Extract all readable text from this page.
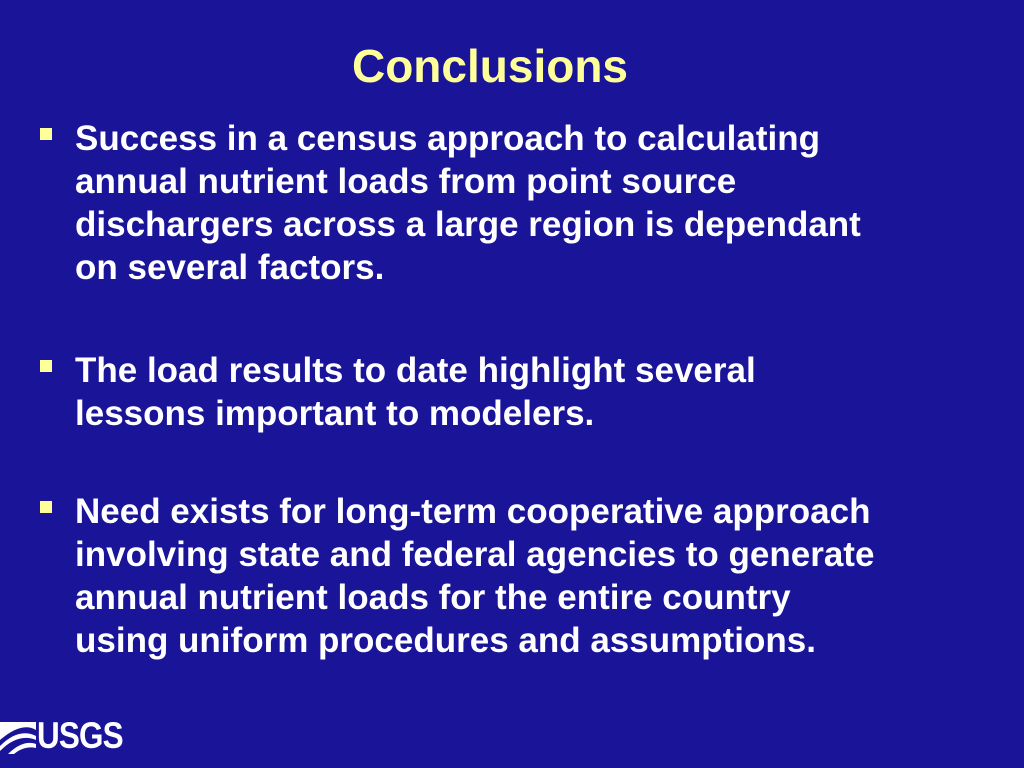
Conclusions
Success in a census approach to calculating
annual nutrient loads from point source
dischargers across a large region is dependant
on several factors.
The load results to date highlight several
lessons important to modelers.
Need exists for long-term cooperative approach
involving state and federal agencies to generate
annual nutrient loads for the entire country
using uniform procedures and assumptions.
USGS
